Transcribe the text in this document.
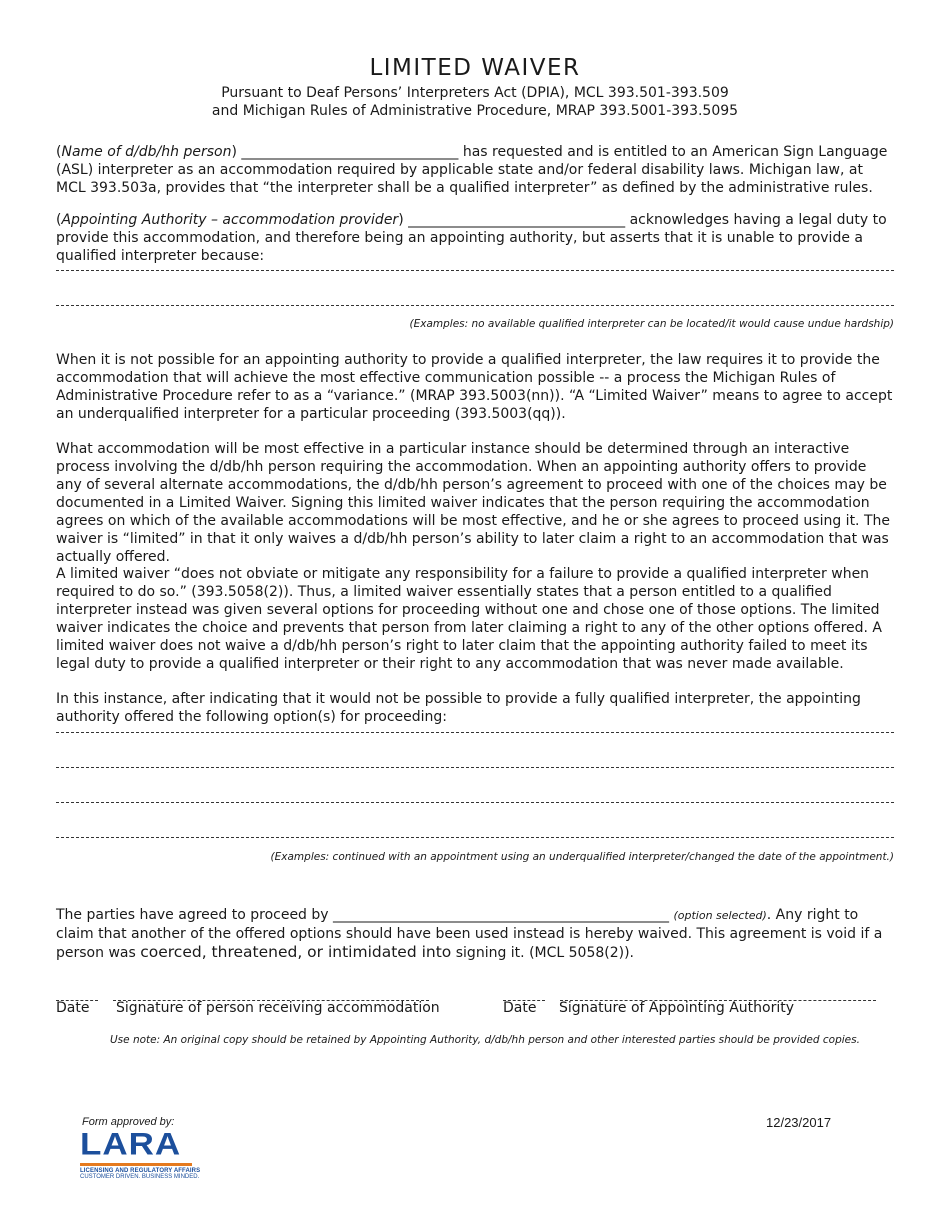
LIMITED WAIVER
Pursuant to Deaf Persons’ Interpreters Act (DPIA), MCL 393.501-393.509
and Michigan Rules of Administrative Procedure, MRAP 393.5001-393.5095

(Name of d/db/hh person) _______________________________ has requested and is entitled to an American Sign Language (ASL) interpreter as an accommodation required by applicable state and/or federal disability laws. Michigan law, at MCL 393.503a, provides that “the interpreter shall be a qualified interpreter” as defined by the administrative rules.

(Appointing Authority – accommodation provider) _______________________________ acknowledges having a legal duty to provide this accommodation, and therefore being an appointing authority, but asserts that it is unable to provide a qualified interpreter because:

(Examples: no available qualified interpreter can be located/it would cause undue hardship)

When it is not possible for an appointing authority to provide a qualified interpreter, the law requires it to provide the accommodation that will achieve the most effective communication possible -- a process the Michigan Rules of Administrative Procedure refer to as a “variance.” (MRAP 393.5003(nn)). “A “Limited Waiver” means to agree to accept an underqualified interpreter for a particular proceeding (393.5003(qq)).

What accommodation will be most effective in a particular instance should be determined through an interactive process involving the d/db/hh person requiring the accommodation. When an appointing authority offers to provide any of several alternate accommodations, the d/db/hh person’s agreement to proceed with one of the choices may be documented in a Limited Waiver. Signing this limited waiver indicates that the person requiring the accommodation agrees on which of the available accommodations will be most effective, and he or she agrees to proceed using it. The waiver is “limited” in that it only waives a d/db/hh person’s ability to later claim a right to an accommodation that was actually offered.

A limited waiver “does not obviate or mitigate any responsibility for a failure to provide a qualified interpreter when required to do so.” (393.5058(2)). Thus, a limited waiver essentially states that a person entitled to a qualified interpreter instead was given several options for proceeding without one and chose one of those options. The limited waiver indicates the choice and prevents that person from later claiming a right to any of the other options offered. A limited waiver does not waive a d/db/hh person’s right to later claim that the appointing authority failed to meet its legal duty to provide a qualified interpreter or their right to any accommodation that was never made available.

In this instance, after indicating that it would not be possible to provide a fully qualified interpreter, the appointing authority offered the following option(s) for proceeding:

(Examples: continued with an appointment using an underqualified interpreter/changed the date of the appointment.)

The parties have agreed to proceed by ________________________________________________ (option selected). Any right to claim that another of the offered options should have been used instead is hereby waived. This agreement is void if a person was coerced, threatened, or intimidated into signing it. (MCL 5058(2)).

Date Signature of person receiving accommodation	Date Signature of Appointing Authority
Use note: An original copy should be retained by Appointing Authority, d/db/hh person and other interested parties should be provided copies.
Form approved by:
LARA
LICENSING AND REGULATORY AFFAIRS
CUSTOMER DRIVEN. BUSINESS MINDED.
12/23/2017
